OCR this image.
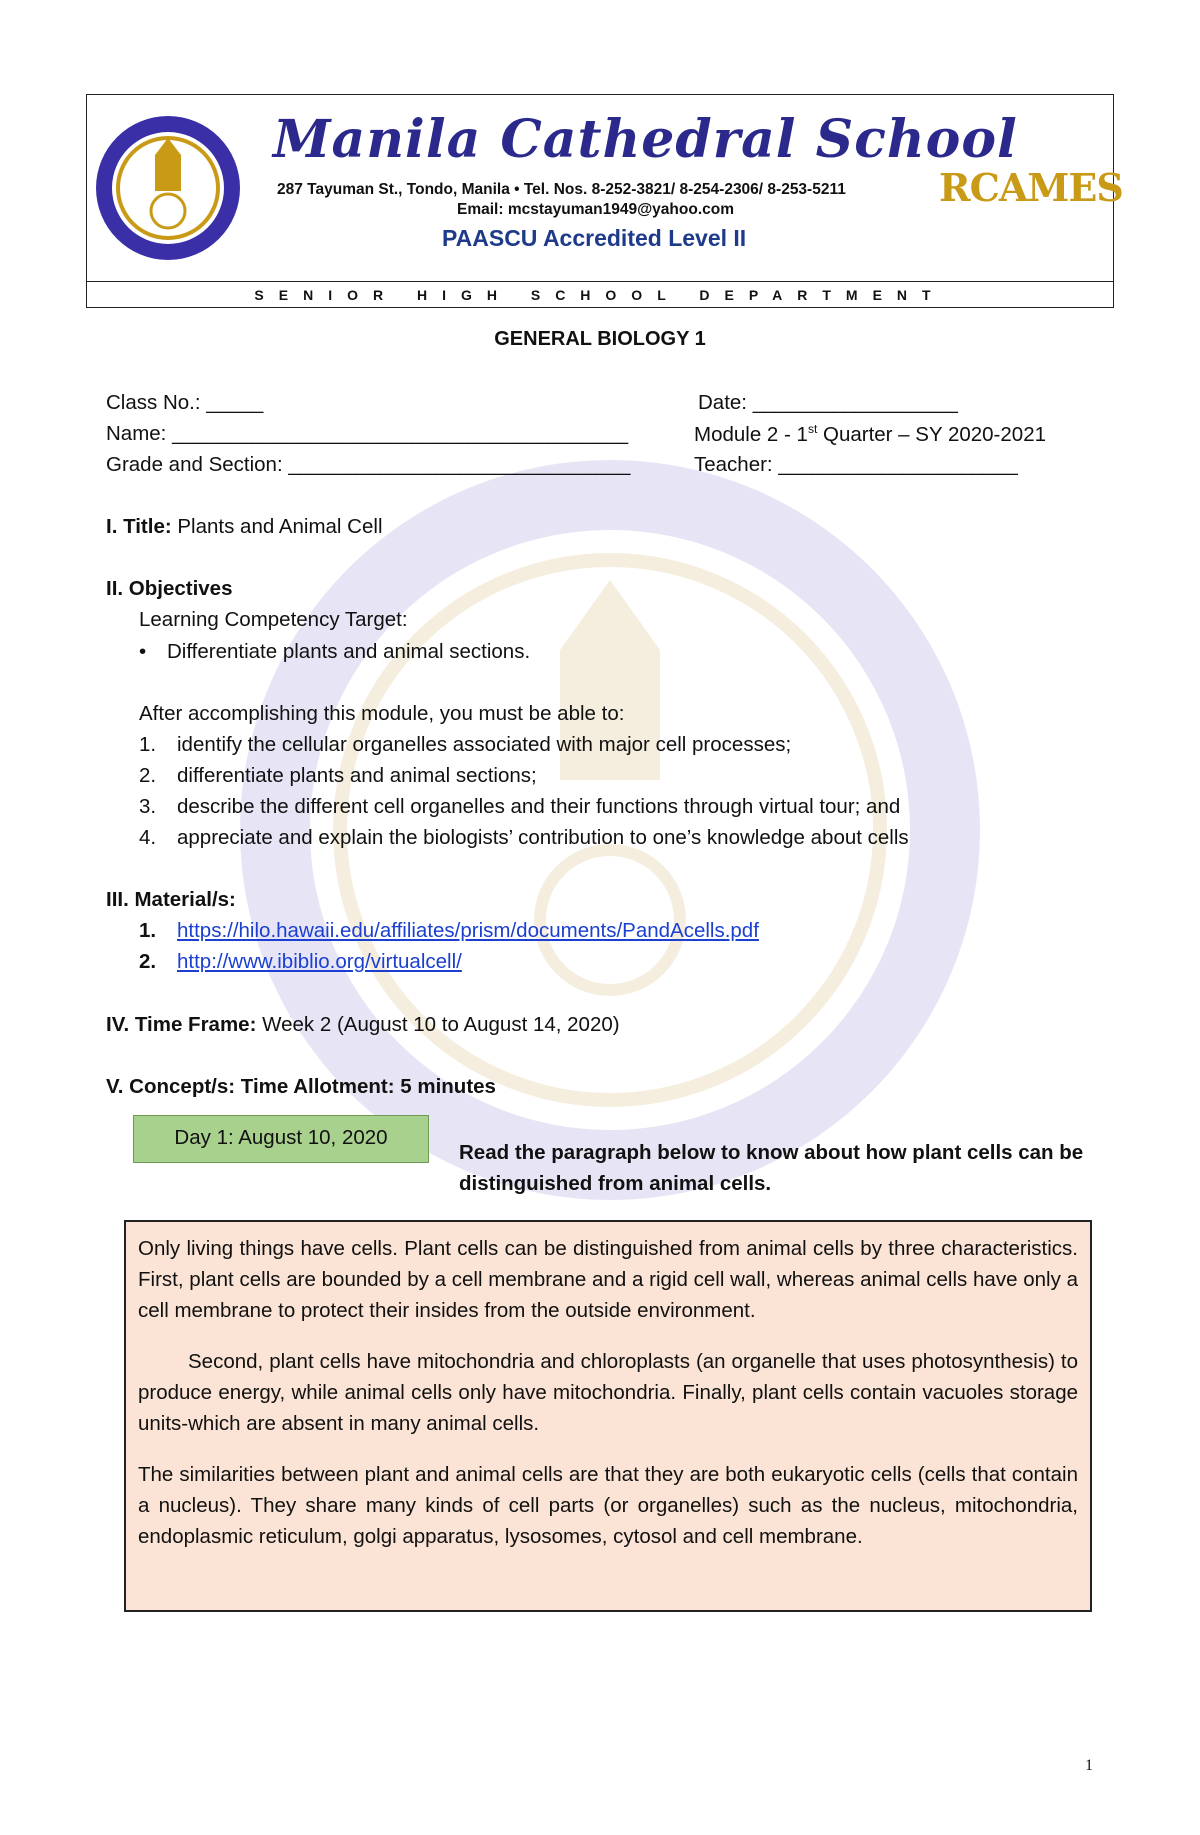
Manila Cathedral School
287 Tayuman St., Tondo, Manila • Tel. Nos. 8-252-3821/ 8-254-2306/ 8-253-5211
Email: mcstayuman1949@yahoo.com
PAASCU Accredited Level II
RCAMES
SENIOR HIGH SCHOOL DEPARTMENT
GENERAL BIOLOGY 1
Class No.: _____	Date: __________________
Name: ________________________________________	Module 2 - 1st Quarter – SY 2020-2021
Grade and Section: ______________________________	Teacher: _____________________
I. Title: Plants and Animal Cell
II. Objectives
Learning Competency Target:
• Differentiate plants and animal sections.
After accomplishing this module, you must be able to:
1. identify the cellular organelles associated with major cell processes;
2. differentiate plants and animal sections;
3. describe the different cell organelles and their functions through virtual tour; and
4. appreciate and explain the biologists’ contribution to one’s knowledge about cells
III. Material/s:
1. https://hilo.hawaii.edu/affiliates/prism/documents/PandAcells.pdf
2. http://www.ibiblio.org/virtualcell/
IV. Time Frame: Week 2 (August 10 to August 14, 2020)
V. Concept/s: Time Allotment: 5 minutes
Day 1: August 10, 2020
Read the paragraph below to know about how plant cells can be distinguished from animal cells.

Only living things have cells. Plant cells can be distinguished from animal cells by three characteristics. First, plant cells are bounded by a cell membrane and a rigid cell wall, whereas animal cells have only a cell membrane to protect their insides from the outside environment.

Second, plant cells have mitochondria and chloroplasts (an organelle that uses photosynthesis) to produce energy, while animal cells only have mitochondria. Finally, plant cells contain vacuoles storage units-which are absent in many animal cells.

The similarities between plant and animal cells are that they are both eukaryotic cells (cells that contain a nucleus). They share many kinds of cell parts (or organelles) such as the nucleus, mitochondria, endoplasmic reticulum, golgi apparatus, lysosomes, cytosol and cell membrane.

1
